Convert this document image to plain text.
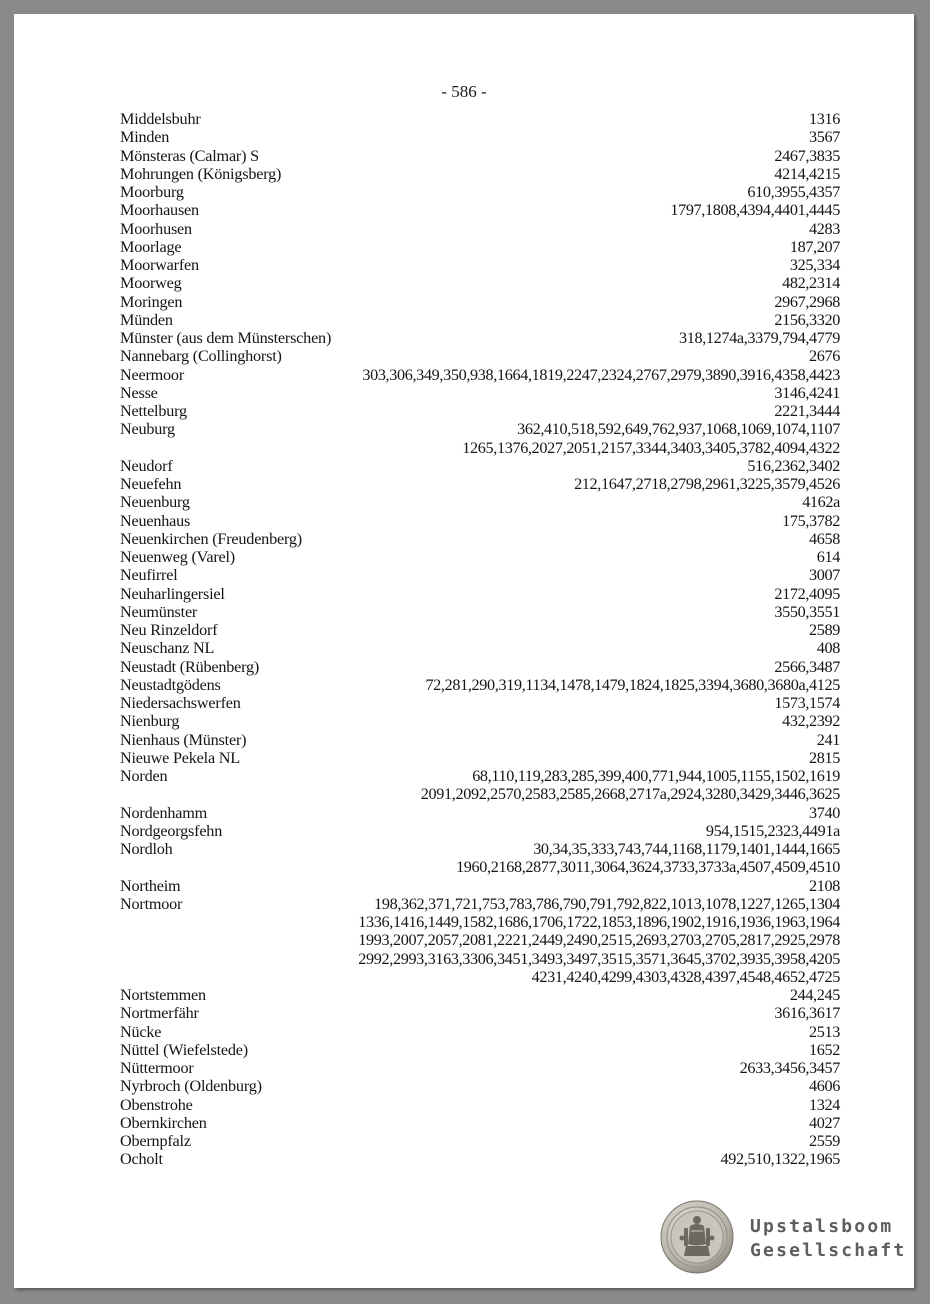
- 586 -
Middelsbuhr	1316
Minden	3567
Mönsteras (Calmar) S	2467,3835
Mohrungen (Königsberg)	4214,4215
Moorburg	610,3955,4357
Moorhausen	1797,1808,4394,4401,4445
Moorhusen	4283
Moorlage	187,207
Moorwarfen	325,334
Moorweg	482,2314
Moringen	2967,2968
Münden	2156,3320
Münster (aus dem Münsterschen)	318,1274a,3379,794,4779
Nannebarg (Collinghorst)	2676
Neermoor	303,306,349,350,938,1664,1819,2247,2324,2767,2979,3890,3916,4358,4423
Nesse	3146,4241
Nettelburg	2221,3444
Neuburg	362,410,518,592,649,762,937,1068,1069,1074,1107
1265,1376,2027,2051,2157,3344,3403,3405,3782,4094,4322
Neudorf	516,2362,3402
Neuefehn	212,1647,2718,2798,2961,3225,3579,4526
Neuenburg	4162a
Neuenhaus	175,3782
Neuenkirchen (Freudenberg)	4658
Neuenweg (Varel)	614
Neufirrel	3007
Neuharlingersiel	2172,4095
Neumünster	3550,3551
Neu Rinzeldorf	2589
Neuschanz NL	408
Neustadt (Rübenberg)	2566,3487
Neustadtgödens	72,281,290,319,1134,1478,1479,1824,1825,3394,3680,3680a,4125
Niedersachswerfen	1573,1574
Nienburg	432,2392
Nienhaus (Münster)	241
Nieuwe Pekela NL	2815
Norden	68,110,119,283,285,399,400,771,944,1005,1155,1502,1619
2091,2092,2570,2583,2585,2668,2717a,2924,3280,3429,3446,3625
Nordenhamm	3740
Nordgeorgsfehn	954,1515,2323,4491a
Nordloh	30,34,35,333,743,744,1168,1179,1401,1444,1665
1960,2168,2877,3011,3064,3624,3733,3733a,4507,4509,4510
Northeim	2108
Nortmoor	198,362,371,721,753,783,786,790,791,792,822,1013,1078,1227,1265,1304
1336,1416,1449,1582,1686,1706,1722,1853,1896,1902,1916,1936,1963,1964
1993,2007,2057,2081,2221,2449,2490,2515,2693,2703,2705,2817,2925,2978
2992,2993,3163,3306,3451,3493,3497,3515,3571,3645,3702,3935,3958,4205
4231,4240,4299,4303,4328,4397,4548,4652,4725
Nortstemmen	244,245
Nortmerfähr	3616,3617
Nücke	2513
Nüttel (Wiefelstede)	1652
Nüttermoor	2633,3456,3457
Nyrbroch (Oldenburg)	4606
Obenstrohe	1324
Obernkirchen	4027
Obernpfalz	2559
Ocholt	492,510,1322,1965
Upstalsboom
Gesellschaft
